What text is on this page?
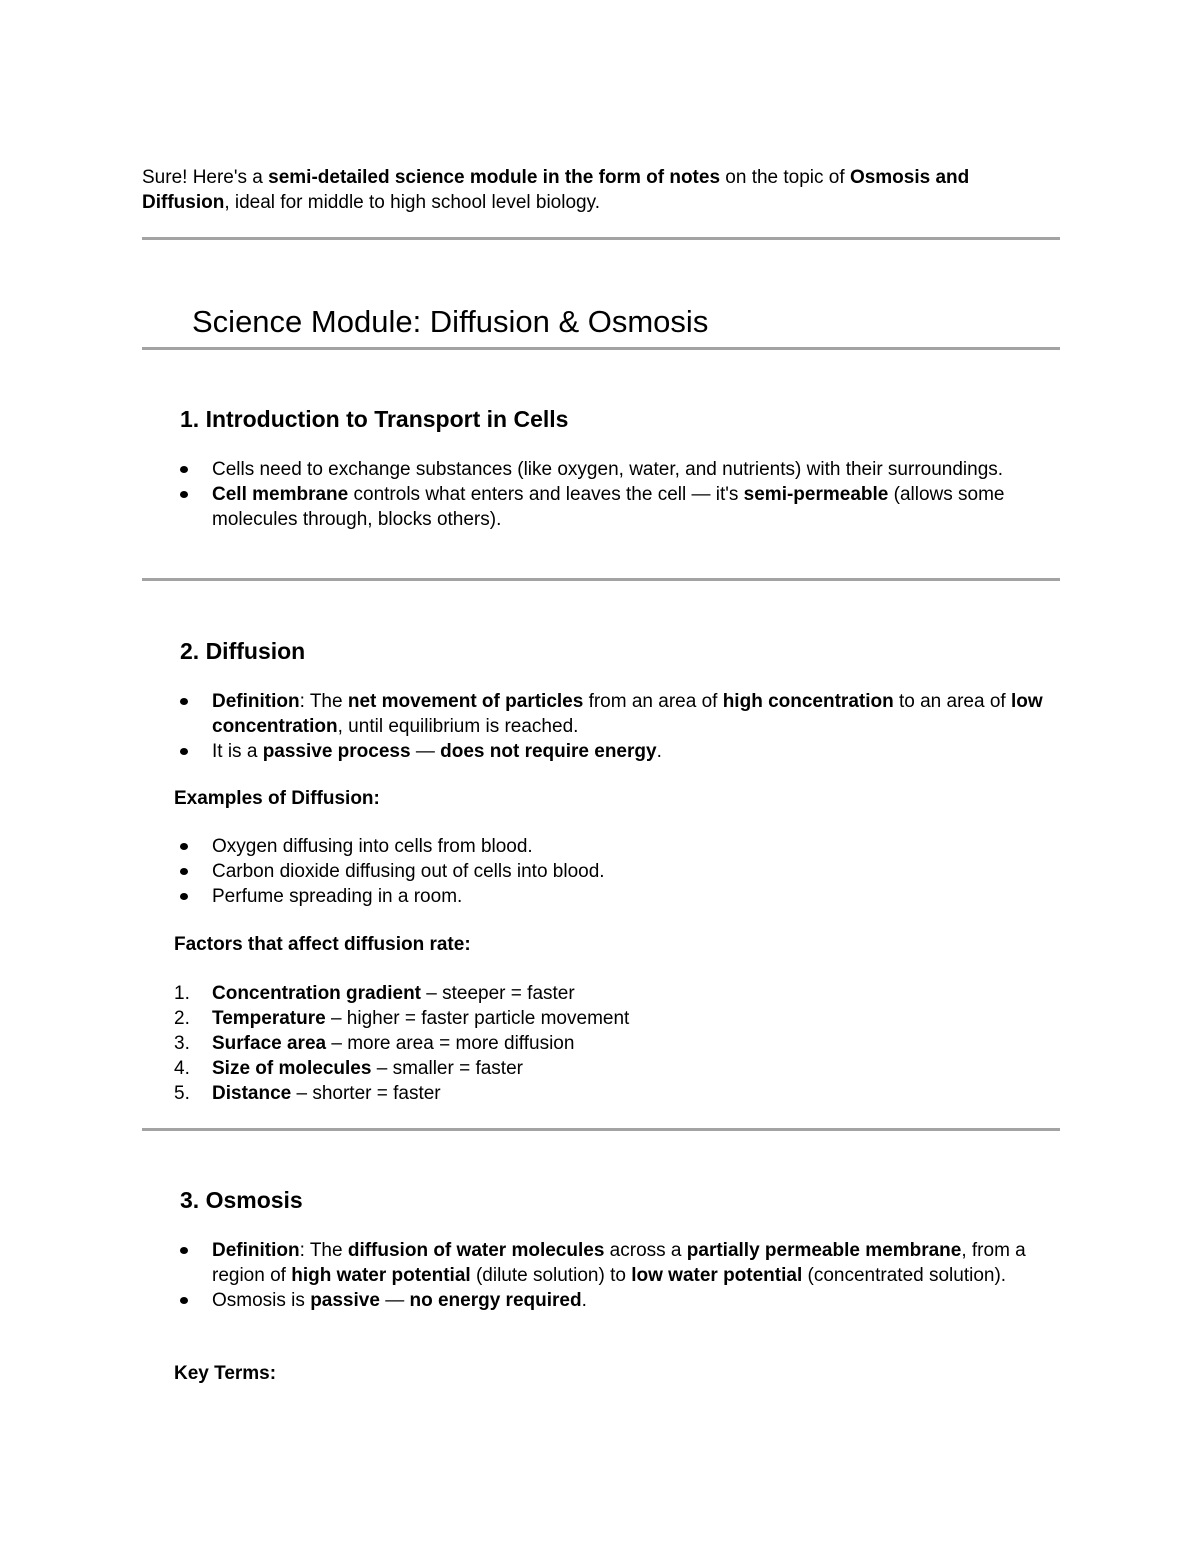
Sure! Here's a semi-detailed science module in the form of notes on the topic of Osmosis and Diffusion, ideal for middle to high school level biology.

Science Module: Diffusion & Osmosis
1. Introduction to Transport in Cells
Cells need to exchange substances (like oxygen, water, and nutrients) with their surroundings.
Cell membrane controls what enters and leaves the cell — it's semi-permeable (allows some molecules through, blocks others).
2. Diffusion
Definition: The net movement of particles from an area of high concentration to an area of low concentration, until equilibrium is reached.
It is a passive process — does not require energy.

Examples of Diffusion:

Oxygen diffusing into cells from blood.
Carbon dioxide diffusing out of cells into blood.
Perfume spreading in a room.

Factors that affect diffusion rate:

1.	Concentration gradient – steeper = faster
2.	Temperature – higher = faster particle movement
3.	Surface area – more area = more diffusion
4.	Size of molecules – smaller = faster
5.	Distance – shorter = faster
3. Osmosis
Definition: The diffusion of water molecules across a partially permeable membrane, from a region of high water potential (dilute solution) to low water potential (concentrated solution).
Osmosis is passive — no energy required.

Key Terms:
